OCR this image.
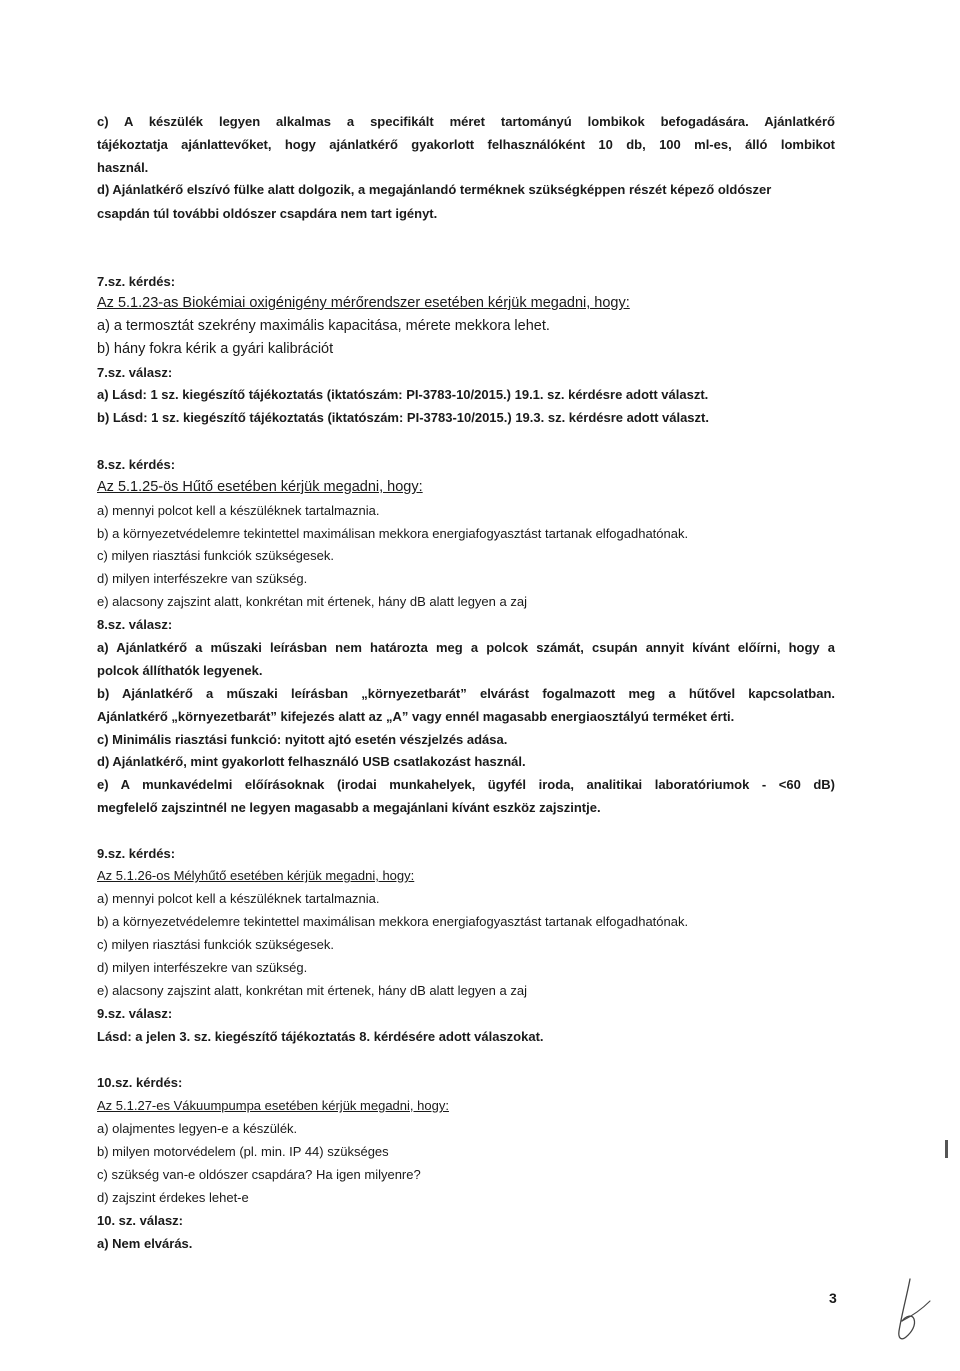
c) A készülék legyen alkalmas a specifikált méret tartományú lombikok befogadására. Ajánlatkérő
tájékoztatja ajánlattevőket, hogy ajánlatkérő gyakorlott felhasználóként 10 db, 100 ml-es, álló lombikot
használ.
d) Ajánlatkérő elszívó fülke alatt dolgozik, a megajánlandó terméknek szükségképpen részét képező oldószer
csapdán túl további oldószer csapdára nem tart igényt.
7.sz. kérdés:
Az 5.1.23-as Biokémiai oxigénigény mérőrendszer esetében kérjük megadni, hogy:
a) a termosztát szekrény maximális kapacitása, mérete mekkora lehet.
b) hány fokra kérik a gyári kalibrációt
7.sz. válasz:
a) Lásd: 1 sz. kiegészítő tájékoztatás (iktatószám: PI-3783-10/2015.) 19.1. sz. kérdésre adott választ.
b) Lásd: 1 sz. kiegészítő tájékoztatás (iktatószám: PI-3783-10/2015.) 19.3. sz. kérdésre adott választ.
8.sz. kérdés:
Az 5.1.25-ös Hűtő esetében kérjük megadni, hogy:
a) mennyi polcot kell a készüléknek tartalmaznia.
b) a környezetvédelemre tekintettel maximálisan mekkora energiafogyasztást tartanak elfogadhatónak.
c) milyen riasztási funkciók szükségesek.
d) milyen interfészekre van szükség.
e) alacsony zajszint alatt, konkrétan mit értenek, hány dB alatt legyen a zaj
8.sz. válasz:
a) Ajánlatkérő a műszaki leírásban nem határozta meg a polcok számát, csupán annyit kívánt előírni, hogy a
polcok állíthatók legyenek.
b) Ajánlatkérő a műszaki leírásban „környezetbarát” elvárást fogalmazott meg a hűtővel kapcsolatban.
Ajánlatkérő „környezetbarát” kifejezés alatt az „A” vagy ennél magasabb energiaosztályú terméket érti.
c) Minimális riasztási funkció: nyitott ajtó esetén vészjelzés adása.
d) Ajánlatkérő, mint gyakorlott felhasználó USB csatlakozást használ.
e) A munkavédelmi előírásoknak (irodai munkahelyek, ügyfél iroda, analitikai laboratóriumok - <60 dB)
megfelelő zajszintnél ne legyen magasabb a megajánlani kívánt eszköz zajszintje.
9.sz. kérdés:
Az 5.1.26-os Mélyhűtő esetében kérjük megadni, hogy:
a) mennyi polcot kell a készüléknek tartalmaznia.
b) a környezetvédelemre tekintettel maximálisan mekkora energiafogyasztást tartanak elfogadhatónak.
c) milyen riasztási funkciók szükségesek.
d) milyen interfészekre van szükség.
e) alacsony zajszint alatt, konkrétan mit értenek, hány dB alatt legyen a zaj
9.sz. válasz:
Lásd: a jelen 3. sz. kiegészítő tájékoztatás 8. kérdésére adott válaszokat.
10.sz. kérdés:
Az 5.1.27-es Vákuumpumpa esetében kérjük megadni, hogy:
a) olajmentes legyen-e a készülék.
b) milyen motorvédelem (pl. min. IP 44) szükséges
c) szükség van-e oldószer csapdára? Ha igen milyenre?
d) zajszint érdekes lehet-e
10. sz. válasz:
a) Nem elvárás.
3
